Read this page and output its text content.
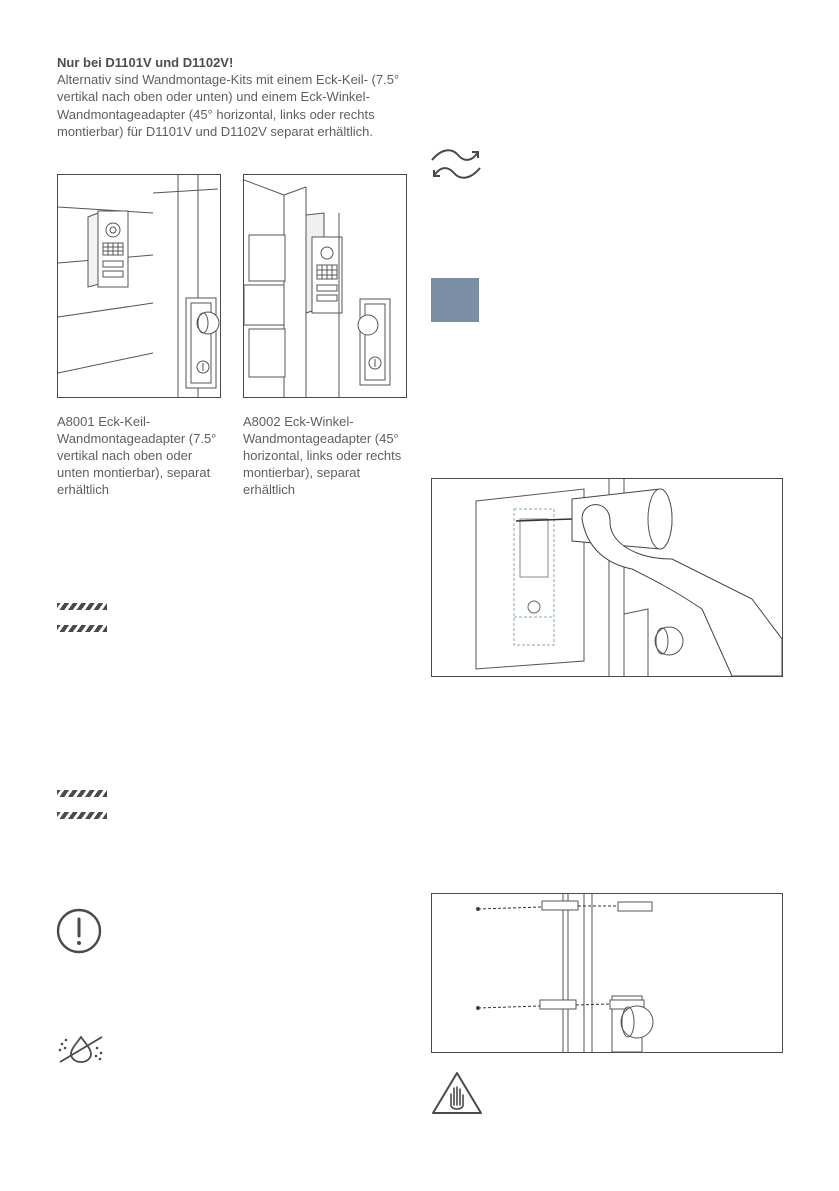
Nur bei D1101V und D1102V!
Alternativ sind Wandmontage-Kits mit einem Eck-Keil- (7.5° vertikal nach oben oder unten) und einem Eck-Winkel-Wandmontageadapter (45° horizontal, links oder rechts montierbar) für D1101V und D1102V separat erhältlich.
A8001 Eck-Keil-Wandmontageadapter (7.5° vertikal nach oben oder unten montierbar), separat erhältlich
A8002 Eck-Winkel-Wandmontageadapter (45° horizontal, links oder rechts montierbar), separat erhältlich
